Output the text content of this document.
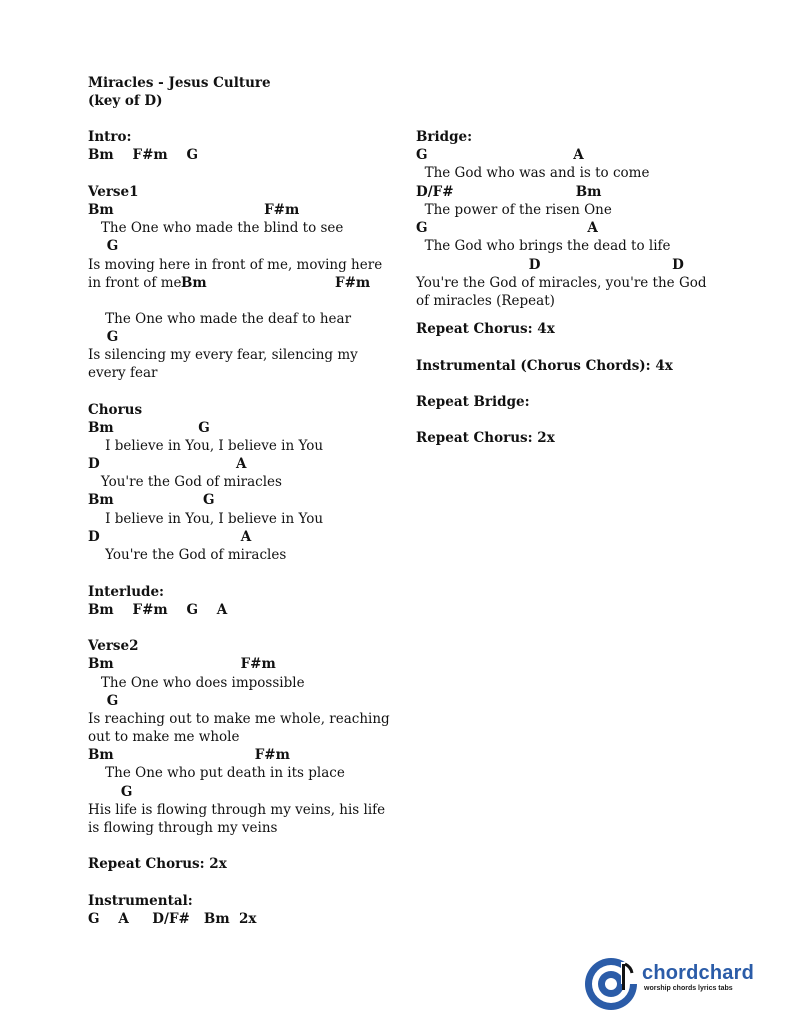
Miracles - Jesus Culture
(key of D)
Intro:
Bm    F#m    G
Verse1
Bm                                F#m
The One who made the blind to see
G
Is moving here in front of me, moving here
in front of me
Bm	F#m
The One who made the deaf to hear
G
Is silencing my every fear, silencing my
every fear
Chorus
Bm                  G
I believe in You, I believe in You
D                             A
You're the God of miracles
Bm                   G
I believe in You, I believe in You
D                              A
You're the God of miracles
Interlude:
Bm    F#m    G    A
Verse2
Bm                           F#m
The One who does impossible
G
Is reaching out to make me whole, reaching
out to make me whole
Bm                              F#m
The One who put death in its place
G
His life is flowing through my veins, his life
is flowing through my veins
Repeat Chorus: 2x
Instrumental:
G    A     D/F#   Bm  2x
Bridge:
G                               A
The God who was and is to come
D/F#                          Bm
The power of the risen One
G                                  A
The God who brings the dead to life
D                            D
You're the God of miracles, you're the God
of miracles (Repeat)
Repeat Chorus: 4x
Instrumental (Chorus Chords): 4x
Repeat Bridge:
Repeat Chorus: 2x
chordchard
worship chords lyrics tabs
